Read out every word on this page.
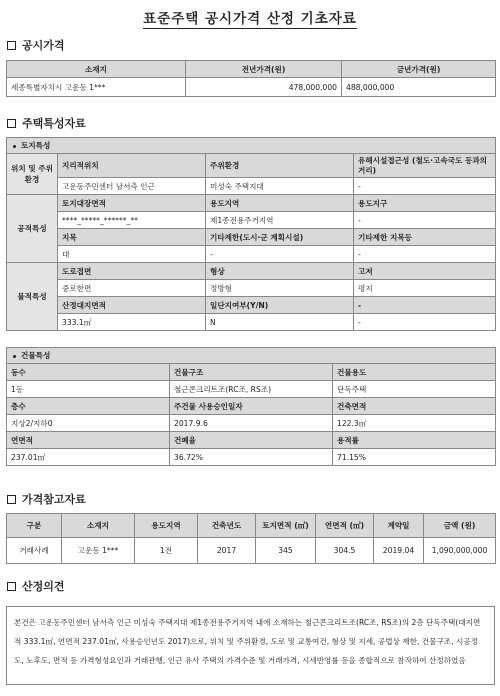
표준주택 공시가격 산정 기초자료
공시가격
소재지	전년가격(원)	금년가격(원)
세종특별자치시 고운동 1***	478,000,000	488,000,000
주택특성자료
토지특성			
위치 및 주위환경	지리적위치	주위환경	유해시설접근성 (철도·고속국도 등과의 거리)
	고운동주민센터 남서측 인근	미성숙 주택지대	-
공적특성	토지대장면적	용도지역	용도지구
	****_*****_******_**	제1종전용주거지역	-
	지목	기타제한(도시·군 계획시설)	기타제한 지목등
	대	-	-
물적특성	도로접면	형상	고저
	중로한면	정방형	평지
	산정대지면적	일단지여부(Y/N)	-
	333.1㎡	N	-
건물특성		
동수	건물구조	건물용도
1동	철근콘크리트조(RC조, RS조)	단독주택
층수	주건물 사용승인일자	건축면적
지상2/지하0	2017.9.6	122.3㎡
연면적	건폐율	용적률
237.01㎡	36.72%	71.15%
가격참고자료
구분	소재지	용도지역	건축년도	토지면적 (㎡)	연면적 (㎡)	계약일	금액 (원)
거래사례	고운동 1***	1전	2017	345	304.5	2019.04	1,090,000,000
산정의견
본건은 고운동주민센터 남서측 인근 미성숙 주택지대 제1종전용주거지역 내에 소재하는 철근콘크리트조(RC조, RS조)의 2층 단독주택(대지면적 333.1㎡, 연면적 237.01㎡, 사용승인년도 2017)으로, 위치 및 주위환경, 도로 및 교통여건, 형상 및 지세, 공법상 제한, 건물구조, 시공정도, 노후도, 면적 등 가격형성요인과 거래관행, 인근 유사 주택의 가격수준 및 거래가격, 시세반영률 등을 종합적으로 참작하여 산정하였음
